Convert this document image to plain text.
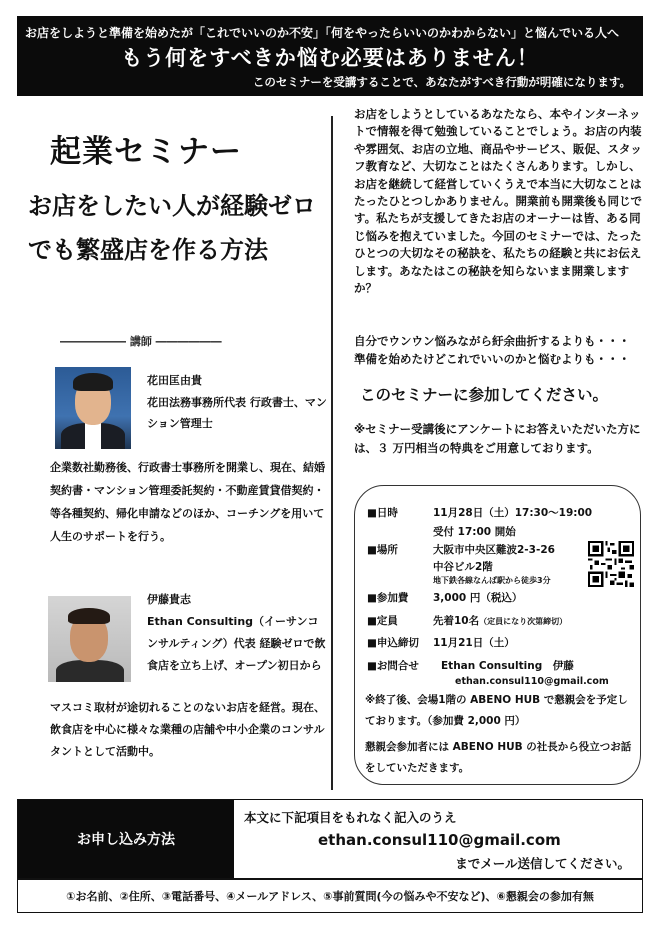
お店をしようと準備を始めたが「これでいいのか不安」「何をやったらいいのかわからない」と悩んでいる人へ
もう何をすべきか悩む必要はありません！
このセミナーを受講することで、あなたがすべき行動が明確になります。
起業セミナー
お店をしたい人が経験ゼロでも繁盛店を作る方法
―――――― 講師 ――――――
花田匡由貴
花田法務事務所代表 行政書士、マンション管理士
企業数社勤務後、行政書士事務所を開業し、現在、結婚契約書・マンション管理委託契約・不動産賃貸借契約・等各種契約、帰化申請などのほか、コーチングを用いて人生のサポートを行う。
伊藤貴志
Ethan Consulting（イーサンコンサルティング）代表 経験ゼロで飲食店を立ち上げ、オープン初日から
マスコミ取材が途切れることのないお店を経営。現在、飲食店を中心に様々な業種の店舗や中小企業のコンサルタントとして活動中。
お店をしようとしているあなたなら、本やインターネットで情報を得て勉強していることでしょう。お店の内装や雰囲気、お店の立地、商品やサービス、販促、スタッフ教育など、大切なことはたくさんあります。しかし、お店を継続して経営していくうえで本当に大切なことはたったひとつしかありません。開業前も開業後も同じです。私たちが支援してきたお店のオーナーは皆、ある同じ悩みを抱えていました。今回のセミナーでは、たったひとつの大切なその秘訣を、私たちの経験と共にお伝えします。あなたはこの秘訣を知らないまま開業しますか？
自分でウンウン悩みながら紆余曲折するよりも・・・
準備を始めたけどこれでいいのかと悩むよりも・・・
このセミナーに参加してください。
※セミナー受講後にアンケートにお答えいただいた方には、３ 万円相当の特典をご用意しております。
■日時	11月28日（土）17:30～19:00
受付 17:00 開始
■場所	大阪市中央区難波2-3-26
中谷ビル2階
地下鉄各線なんば駅から徒歩3分
■参加費 3,000 円（税込）
■定員	先着10名（定員になり次第締切）
■申込締切 11月21日（土）
■お問合せ Ethan Consulting　伊藤
ethan.consul110@gmail.com
※終了後、会場1階の ABENO HUB で懇親会を予定しております。（参加費 2,000 円）
懇親会参加者には ABENO HUB の社長から役立つお話をしていただきます。
お申し込み方法
本文に下記項目をもれなく記入のうえ
ethan.consul110@gmail.com
までメール送信してください。
①お名前、②住所、③電話番号、④メールアドレス、⑤事前質問(今の悩みや不安など)、⑥懇親会の参加有無
